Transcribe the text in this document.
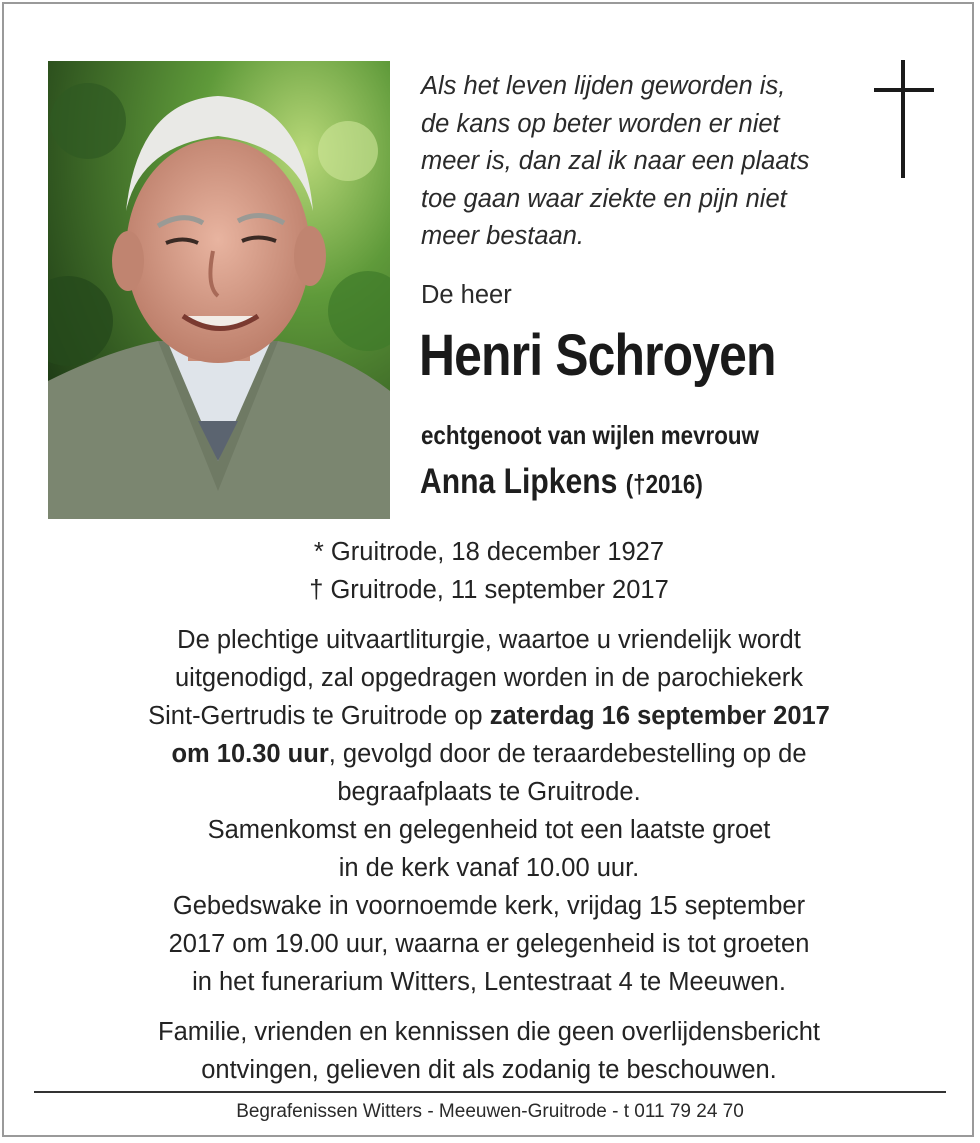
Als het leven lijden geworden is,
de kans op beter worden er niet
meer is, dan zal ik naar een plaats
toe gaan waar ziekte en pijn niet
meer bestaan.
De heer
Henri Schroyen
echtgenoot van wijlen mevrouw
Anna Lipkens (†2016)
* Gruitrode, 18 december 1927
† Gruitrode, 11 september 2017
De plechtige uitvaartliturgie, waartoe u vriendelijk wordt
uitgenodigd, zal opgedragen worden in de parochiekerk
Sint-Gertrudis te Gruitrode op zaterdag 16 september 2017
om 10.30 uur, gevolgd door de teraardebestelling op de
begraafplaats te Gruitrode.
Samenkomst en gelegenheid tot een laatste groet
in de kerk vanaf 10.00 uur.
Gebedswake in voornoemde kerk, vrijdag 15 september
2017 om 19.00 uur, waarna er gelegenheid is tot groeten
in het funerarium Witters, Lentestraat 4 te Meeuwen.
Familie, vrienden en kennissen die geen overlijdensbericht
ontvingen, gelieven dit als zodanig te beschouwen.
Begrafenissen Witters - Meeuwen-Gruitrode - t 011 79 24 70
